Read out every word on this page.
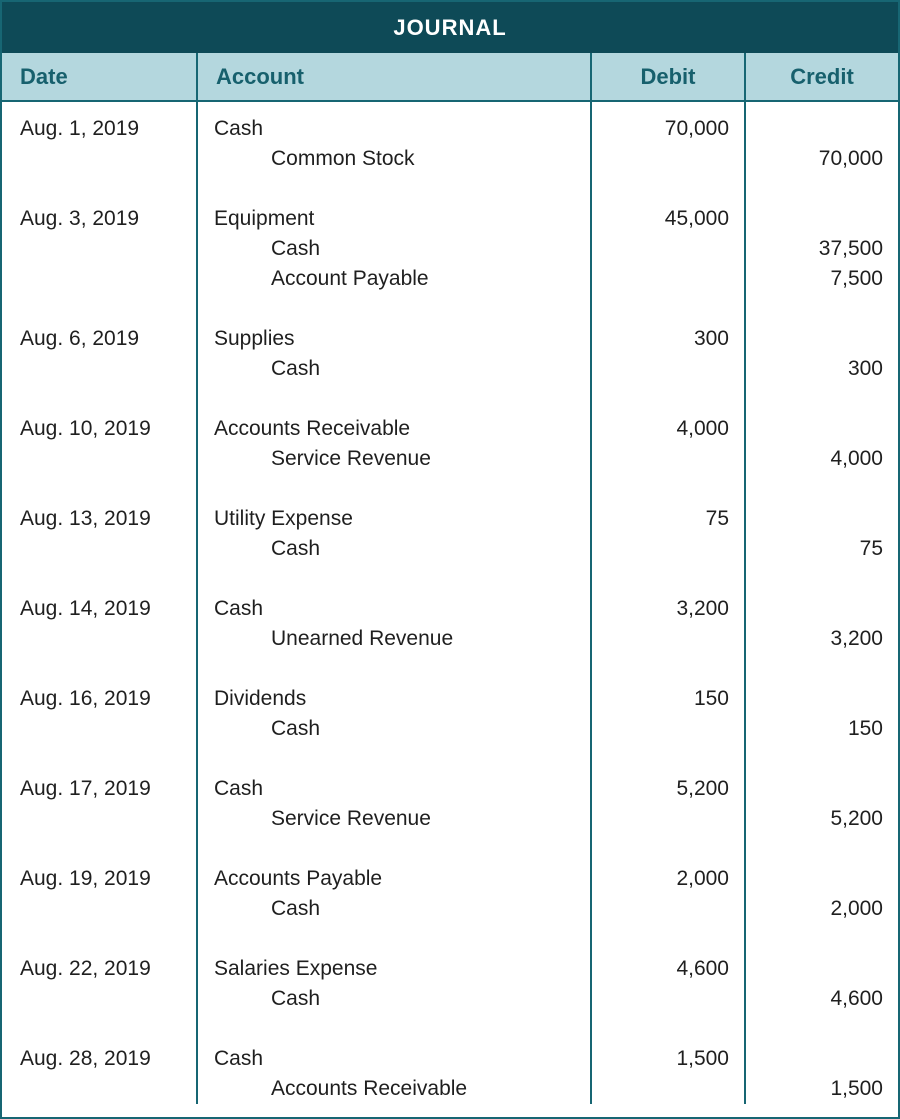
JOURNAL
Date	Account	Debit	Credit

Aug. 1, 2019	Cash	70,000	
	Common Stock		70,000

Aug. 3, 2019	Equipment	45,000	
	Cash		37,500
	Account Payable		7,500

Aug. 6, 2019	Supplies	300	
	Cash		300

Aug. 10, 2019	Accounts Receivable	4,000	
	Service Revenue		4,000

Aug. 13, 2019	Utility Expense	75	
	Cash		75

Aug. 14, 2019	Cash	3,200	
	Unearned Revenue		3,200

Aug. 16, 2019	Dividends	150	
	Cash		150

Aug. 17, 2019	Cash	5,200	
	Service Revenue		5,200

Aug. 19, 2019	Accounts Payable	2,000	
	Cash		2,000

Aug. 22, 2019	Salaries Expense	4,600	
	Cash		4,600

Aug. 28, 2019	Cash	1,500	
	Accounts Receivable		1,500
